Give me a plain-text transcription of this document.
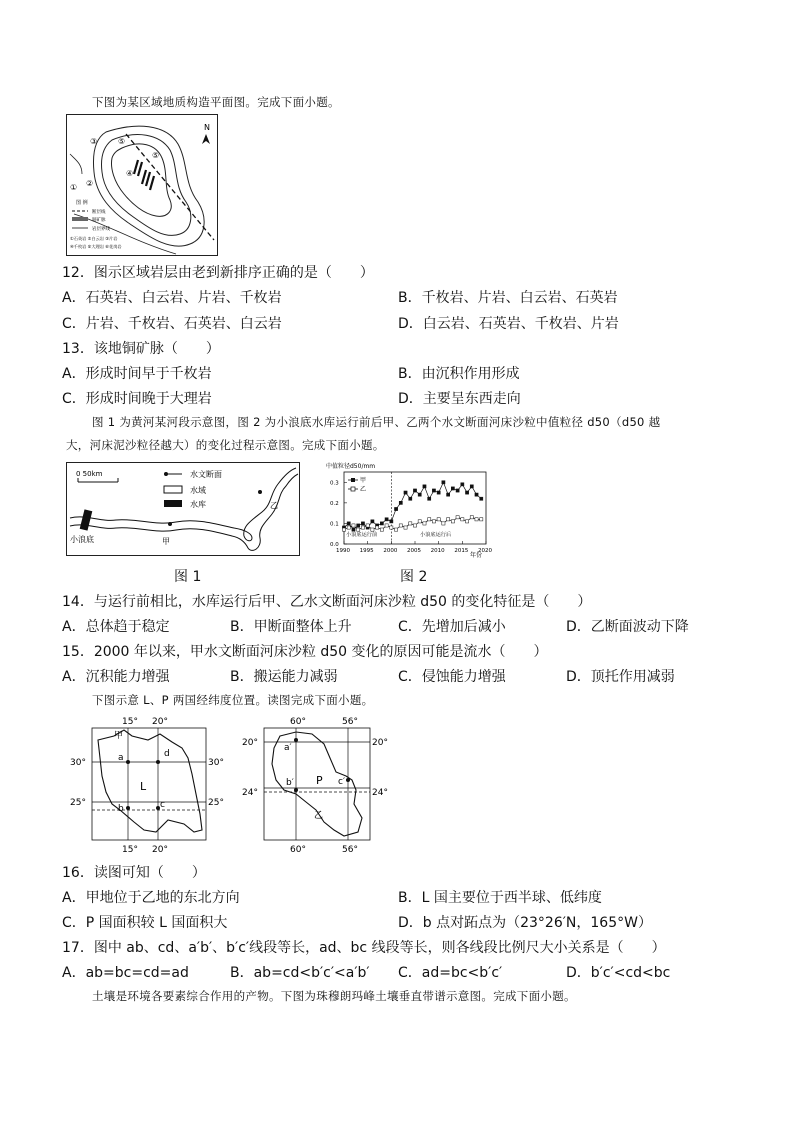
下图为某区域地质构造平面图。完成下面小题。
N
③	⑤
⑤
④
① ②
图 例
断层线
铜矿脉
岩层界线
①石英岩 ②白云岩 ③片岩
④千枚岩 ⑤大理岩 ⑥花岗岩
12．图示区域岩层由老到新排序正确的是（　　）
A．石英岩、白云岩、片岩、千枚岩	B．千枚岩、片岩、白云岩、石英岩
C．片岩、千枚岩、石英岩、白云岩	D．白云岩、石英岩、千枚岩、片岩
13．该地铜矿脉（　　）
A．形成时间早于千枚岩	B．由沉积作用形成
C．形成时间晚于大理岩	D．主要呈东西走向
图 1 为黄河某河段示意图，图 2 为小浪底水库运行前后甲、乙两个水文断面河床沙粒中值粒径 d50（d50 越
大，河床泥沙粒径越大）的变化过程示意图。完成下面小题。
0 50km	水文断面
水域
水库
小浪底	甲
乙
图 1
中值粒径d50/mm
甲
乙
0.0
0.1
0.2
0.3
1990 1995 2000 2005 2010 2015 2020
小浪底运行前	小浪底运行后
年份
图 2
14．与运行前相比，水库运行后甲、乙水文断面河床沙粒 d50 的变化特征是（　　）
A．总体趋于稳定	B．甲断面整体上升	C．先增加后减小	D．乙断面波动下降
15．2000 年以来，甲水文断面河床沙粒 d50 变化的原因可能是流水（　　）
A．沉积能力增强	B．搬运能力减弱	C．侵蚀能力增强	D．顶托作用减弱
下图示意 L、P 两国经纬度位置。读图完成下面小题。
15° 20°
30°	30°
25°	25°
甲
a	d
L
b	c
15° 20°
60°	56°
20°	20°
24°	24°
a′
b′ P c′
乙
60°	56°
16．读图可知（　　）
A．甲地位于乙地的东北方向	B．L 国主要位于西半球、低纬度
C．P 国面积较 L 国面积大	D．b 点对跖点为（23°26′N，165°W）
17．图中 ab、cd、a′b′、b′c′线段等长，ad、bc 线段等长，则各线段比例尺大小关系是（　　）
A．ab=bc=cd=ad	B．ab=cd<b′c′<a′b′ C．ad=bc<b′c′	D．b′c′<cd<bc
土壤是环境各要素综合作用的产物。下图为珠穆朗玛峰土壤垂直带谱示意图。完成下面小题。
